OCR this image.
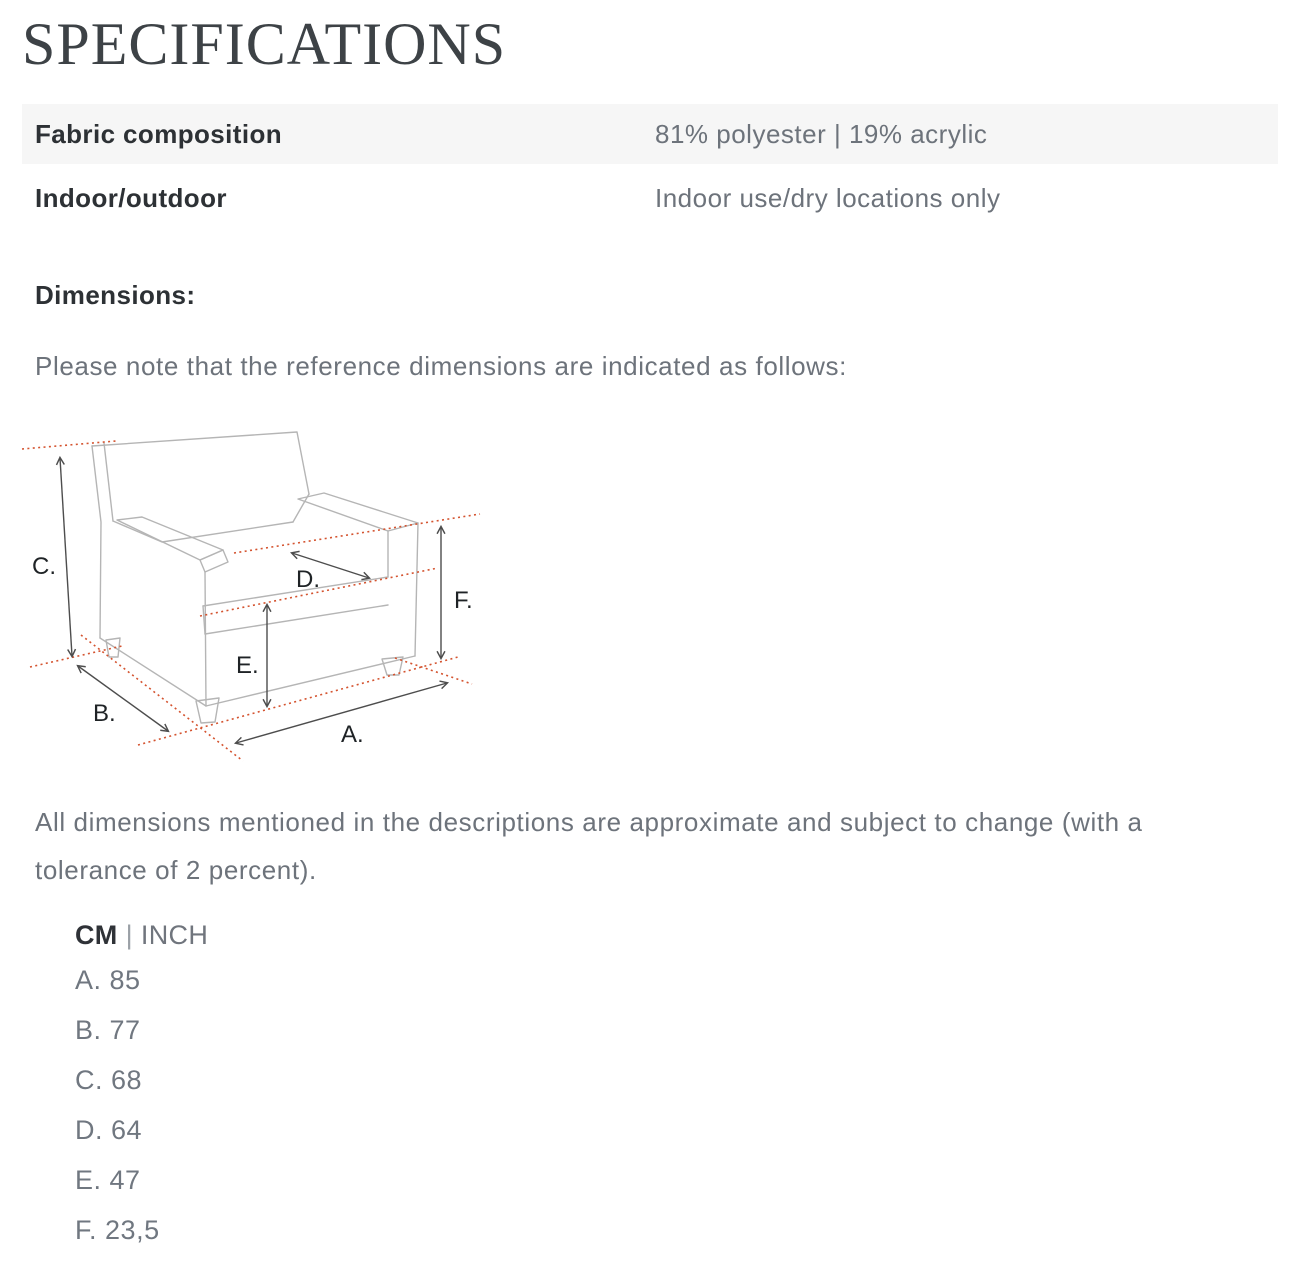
SPECIFICATIONS
Fabric composition	81% polyester | 19% acrylic
Indoor/outdoor	Indoor use/dry locations only
Dimensions:
Please note that the reference dimensions are indicated as follows:
C.
B.
A.
D.
E.
F.
All dimensions mentioned in the descriptions are approximate and subject to change (with a
tolerance of 2 percent).
CM | INCH
A. 85
B. 77
C. 68
D. 64
E. 47
F. 23,5
